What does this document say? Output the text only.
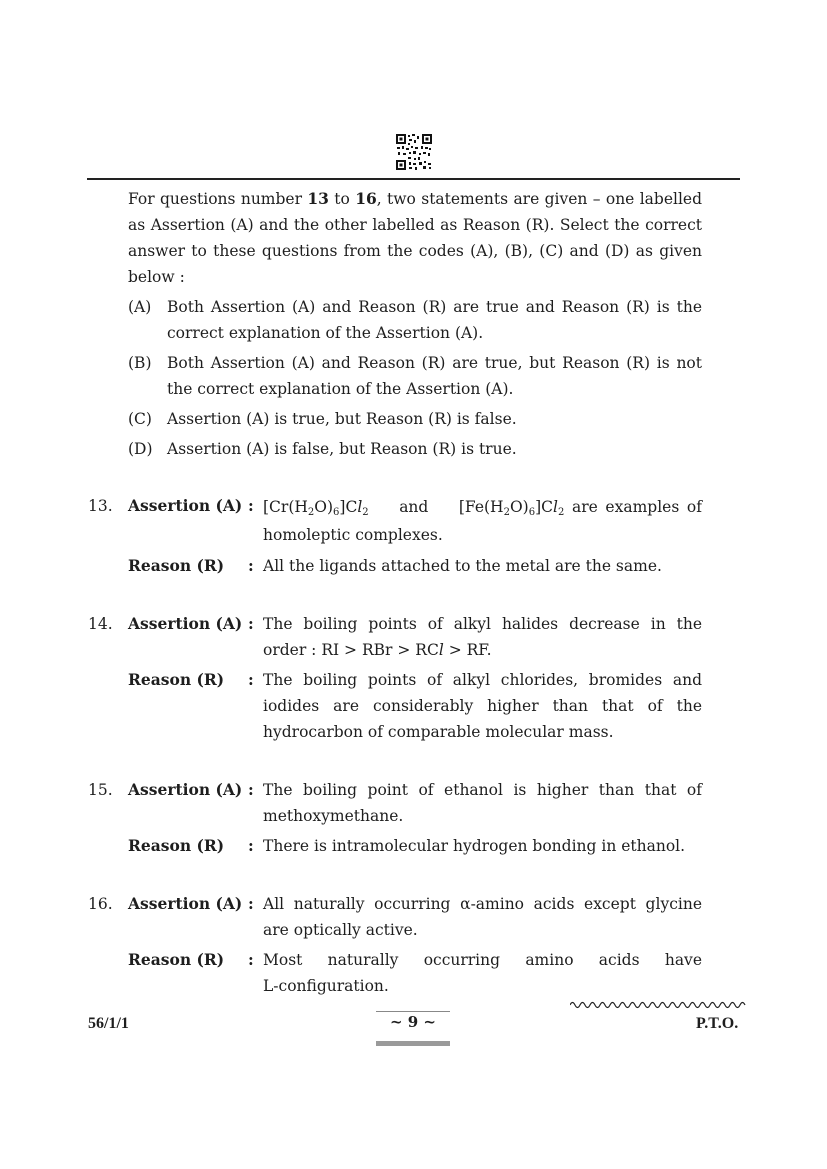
For questions number 13 to 16, two statements are given – one labelled as Assertion (A) and the other labelled as Reason (R). Select the correct answer to these questions from the codes (A), (B), (C) and (D) as given below :
(A)	Both Assertion (A) and Reason (R) are true and Reason (R) is the correct explanation of the Assertion (A).
(B)	Both Assertion (A) and Reason (R) are true, but Reason (R) is not the correct explanation of the Assertion (A).
(C) Assertion (A) is true, but Reason (R) is false.
(D) Assertion (A) is false, but Reason (R) is true.
13. Assertion (A) : $[Cr(H_2O)_6]Cl_2$ and $[Fe(H_2O)_6]Cl_2$ are examples of homoleptic complexes.
Reason (R)	: All the ligands attached to the metal are the same.
14. Assertion (A) : The boiling points of alkyl halides decrease in the order : RI > RBr > RCl > RF.
Reason (R)	: The boiling points of alkyl chlorides, bromides and iodides are considerably higher than that of the hydrocarbon of comparable molecular mass.
15. Assertion (A) : The boiling point of ethanol is higher than that of methoxymethane.
Reason (R)	: There is intramolecular hydrogen bonding in ethanol.
16. Assertion (A) : All naturally occurring α-amino acids except glycine are optically active.
Reason (R)	: Most naturally occurring amino acids have
L-configuration.
56/1/1	~ 9 ~	P.T.O.
